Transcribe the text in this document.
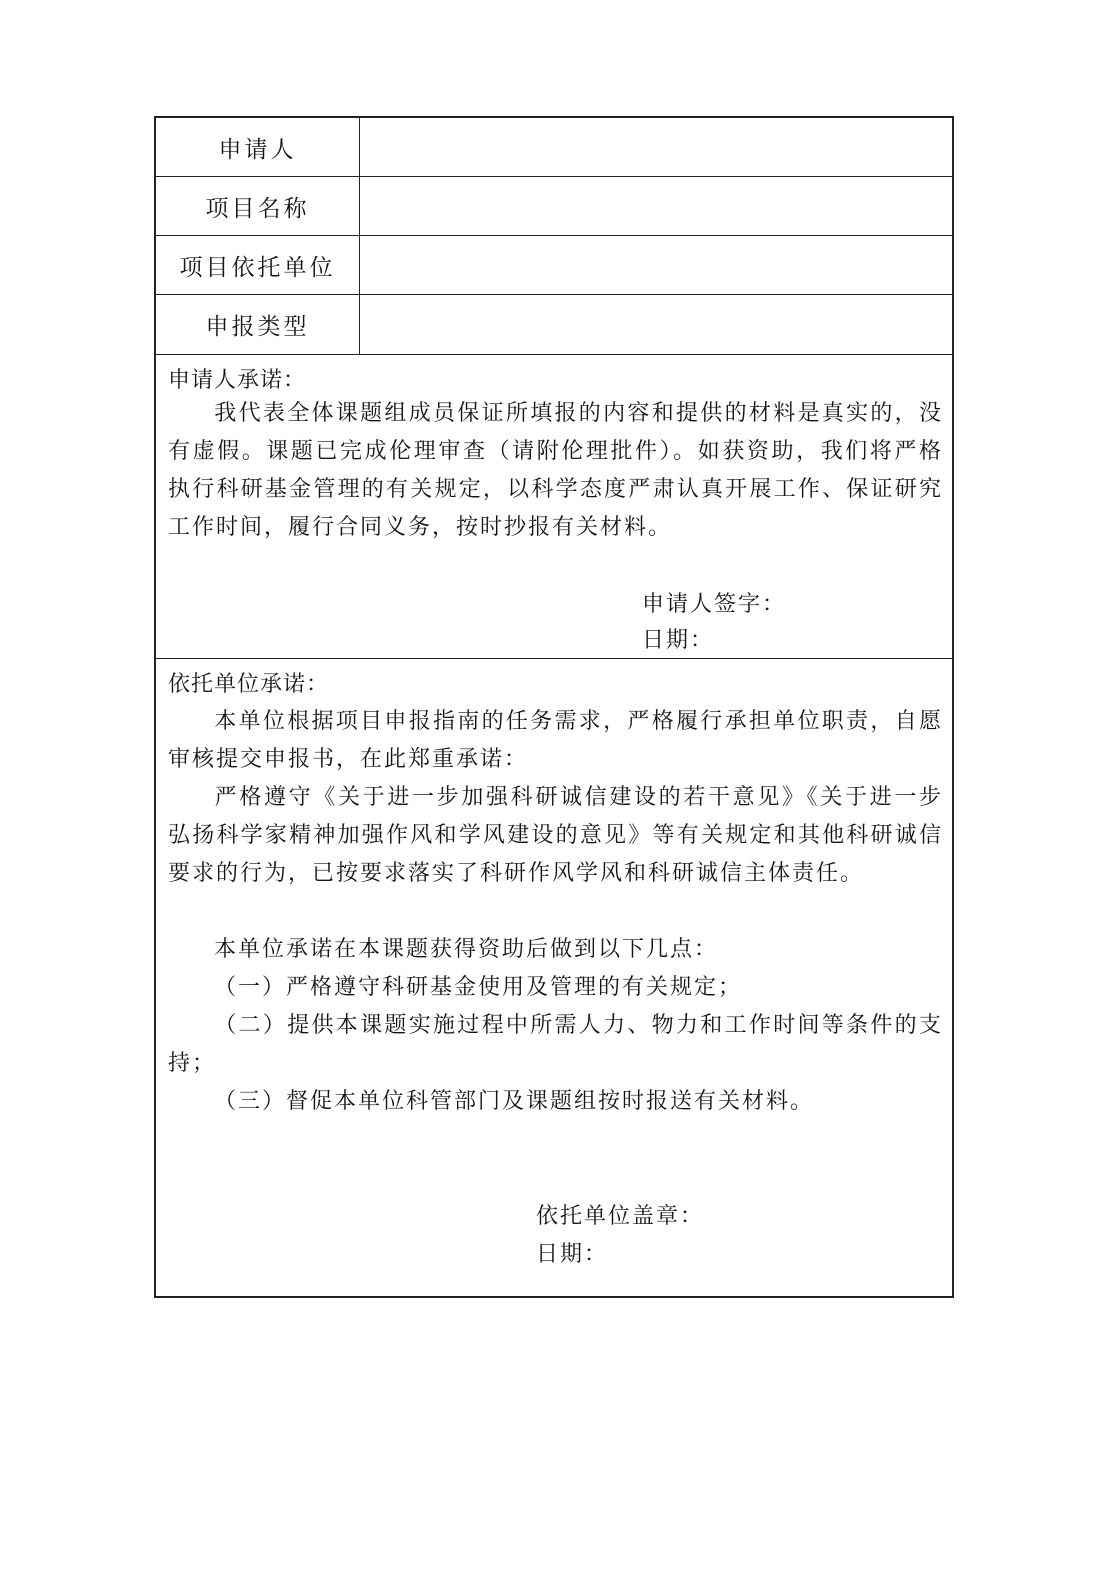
申请人
项目名称
项目依托单位
申报类型
申请人承诺：
我代表全体课题组成员保证所填报的内容和提供的材料是真实的，没有虚假。课题已完成伦理审查（请附伦理批件）。如获资助，我们将严格执行科研基金管理的有关规定，以科学态度严肃认真开展工作、保证研究工作时间，履行合同义务，按时抄报有关材料。
申请人签字：
日期：
依托单位承诺：
本单位根据项目申报指南的任务需求，严格履行承担单位职责，自愿审核提交申报书，在此郑重承诺：
严格遵守《关于进一步加强科研诚信建设的若干意见》《关于进一步弘扬科学家精神加强作风和学风建设的意见》等有关规定和其他科研诚信要求的行为，已按要求落实了科研作风学风和科研诚信主体责任。
本单位承诺在本课题获得资助后做到以下几点：
（一）严格遵守科研基金使用及管理的有关规定；
（二）提供本课题实施过程中所需人力、物力和工作时间等条件的支持；
（三）督促本单位科管部门及课题组按时报送有关材料。
依托单位盖章：
日期：
